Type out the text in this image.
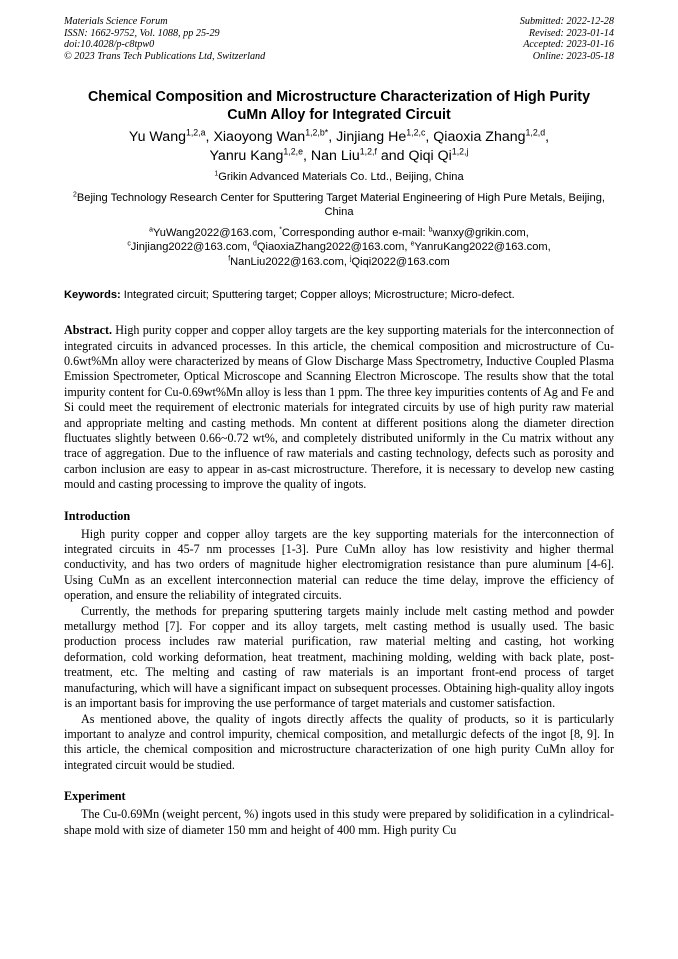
Materials Science Forum
ISSN: 1662-9752, Vol. 1088, pp 25-29
doi:10.4028/p-c8tpw0
© 2023 Trans Tech Publications Ltd, Switzerland
Submitted: 2022-12-28
Revised: 2023-01-14
Accepted: 2023-01-16
Online: 2023-05-18
Chemical Composition and Microstructure Characterization of High Purity CuMn Alloy for Integrated Circuit
Yu Wang$^{1,2,a}$, Xiaoyong Wan$^{1,2,b*}$, Jinjiang He$^{1,2,c}$, Qiaoxia Zhang$^{1,2,d}$,
Yanru Kang$^{1,2,e}$, Nan Liu$^{1,2,f}$ and Qiqi Qi$^{1,2,j}$
$^1$Grikin Advanced Materials Co. Ltd., Beijing, China
$^2$Bejing Technology Research Center for Sputtering Target Material Engineering of High Pure Metals, Beijing, China
$^a$YuWang2022@163.com, *Corresponding author e-mail: $^b$wanxy@grikin.com,
$^c$Jinjiang2022@163.com, $^d$QiaoxiaZhang2022@163.com, $^e$YanruKang2022@163.com,
$^f$NanLiu2022@163.com, $^j$Qiqi2022@163.com
Keywords: Integrated circuit; Sputtering target; Copper alloys; Microstructure; Micro-defect.
Abstract. High purity copper and copper alloy targets are the key supporting materials for the interconnection of integrated circuits in advanced processes. In this article, the chemical composition and microstructure of Cu-0.6wt%Mn alloy were characterized by means of Glow Discharge Mass Spectrometry, Inductive Coupled Plasma Emission Spectrometer, Optical Microscope and Scanning Electron Microscope. The results show that the total impurity content for Cu-0.69wt%Mn alloy is less than 1 ppm. The three key impurities contents of Ag and Fe and Si could meet the requirement of electronic materials for integrated circuits by use of high purity raw material and appropriate melting and casting methods. Mn content at different positions along the diameter direction fluctuates slightly between 0.66~0.72 wt%, and completely distributed uniformly in the Cu matrix without any trace of aggregation. Due to the influence of raw materials and casting technology, defects such as porosity and carbon inclusion are easy to appear in as-cast microstructure. Therefore, it is necessary to develop new casting mould and casting processing to improve the quality of ingots.
Introduction

High purity copper and copper alloy targets are the key supporting materials for the interconnection of integrated circuits in 45-7 nm processes [1-3]. Pure CuMn alloy has low resistivity and higher thermal conductivity, and has two orders of magnitude higher electromigration resistance than pure aluminum [4-6]. Using CuMn as an excellent interconnection material can reduce the time delay, improve the efficiency of operation, and ensure the reliability of integrated circuits.

Currently, the methods for preparing sputtering targets mainly include melt casting method and powder metallurgy method [7]. For copper and its alloy targets, melt casting method is usually used. The basic production process includes raw material purification, raw material melting and casting, hot working deformation, cold working deformation, heat treatment, machining molding, welding with back plate, post-treatment, etc. The melting and casting of raw materials is an important front-end process of target manufacturing, which will have a significant impact on subsequent processes. Obtaining high-quality alloy ingots is an important basis for improving the use performance of target materials and customer satisfaction.

As mentioned above, the quality of ingots directly affects the quality of products, so it is particularly important to analyze and control impurity, chemical composition, and metallurgic defects of the ingot [8, 9]. In this article, the chemical composition and microstructure characterization of one high purity CuMn alloy for integrated circuit would be studied.

Experiment

The Cu-0.69Mn (weight percent, %) ingots used in this study were prepared by solidification in a cylindrical-shape mold with size of diameter 150 mm and height of 400 mm. High purity Cu
